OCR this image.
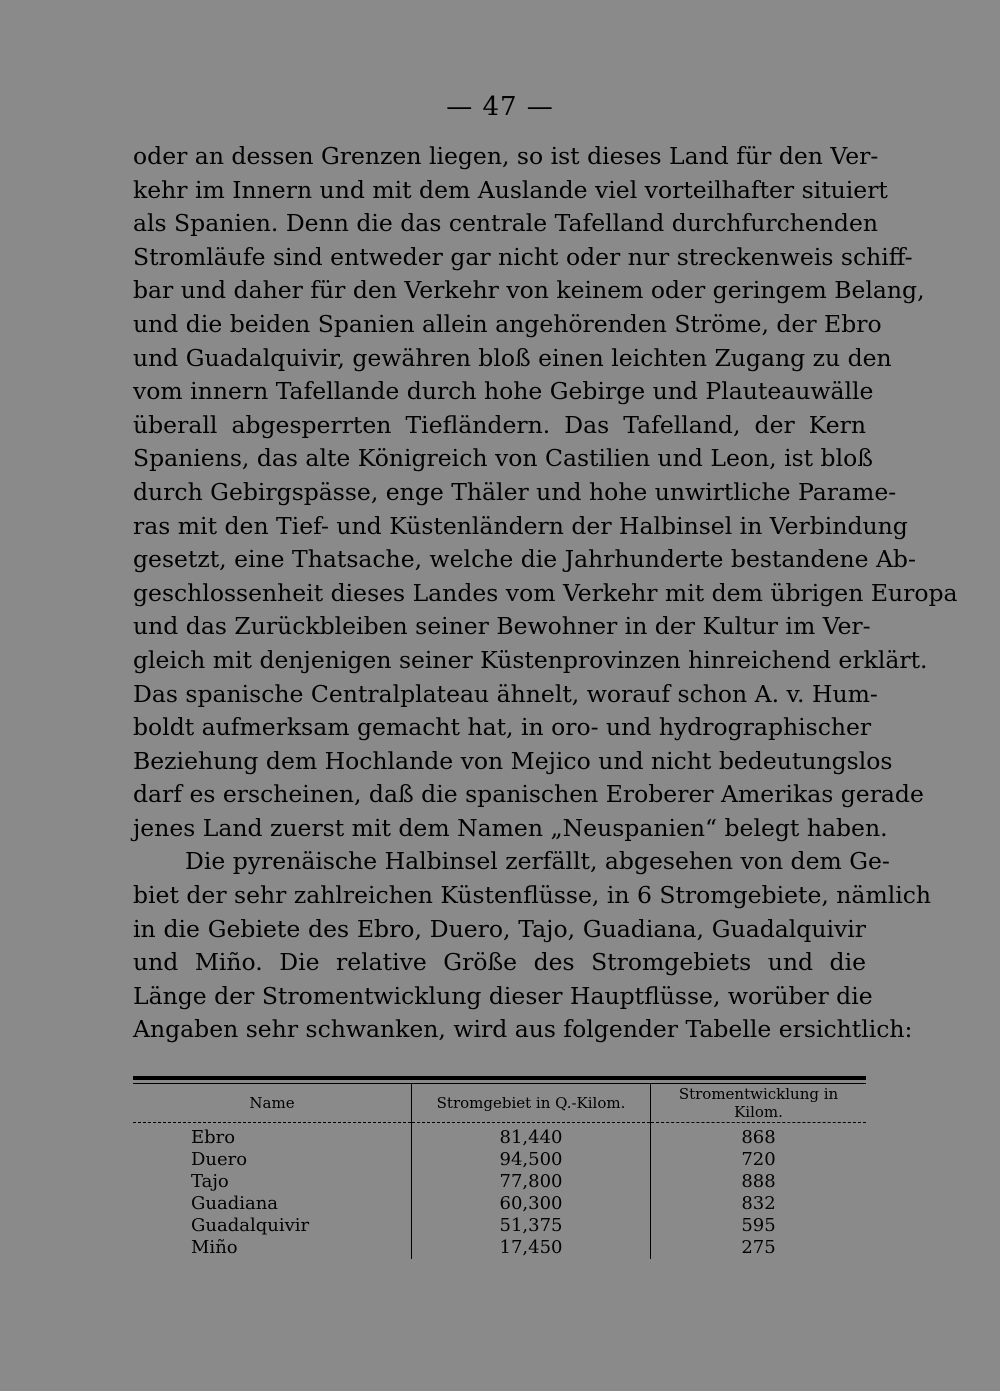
— 47 —
oder an dessen Grenzen liegen, so ist dieses Land für den Ver-
kehr im Innern und mit dem Auslande viel vorteilhafter situiert
als Spanien. Denn die das centrale Tafelland durchfurchenden
Stromläufe sind entweder gar nicht oder nur streckenweis schiff-
bar und daher für den Verkehr von keinem oder geringem Belang,
und die beiden Spanien allein angehörenden Ströme, der Ebro
und Guadalquivir, gewähren bloß einen leichten Zugang zu den
vom innern Tafellande durch hohe Gebirge und Plauteauwälle
überall abgesperrten Tiefländern. Das Tafelland, der Kern
Spaniens, das alte Königreich von Castilien und Leon, ist bloß
durch Gebirgspässe, enge Thäler und hohe unwirtliche Parame-
ras mit den Tief- und Küstenländern der Halbinsel in Verbindung
gesetzt, eine Thatsache, welche die Jahrhunderte bestandene Ab-
geschlossenheit dieses Landes vom Verkehr mit dem übrigen Europa
und das Zurückbleiben seiner Bewohner in der Kultur im Ver-
gleich mit denjenigen seiner Küstenprovinzen hinreichend erklärt.
Das spanische Centralplateau ähnelt, worauf schon A. v. Hum-
boldt aufmerksam gemacht hat, in oro- und hydrographischer
Beziehung dem Hochlande von Mejico und nicht bedeutungslos
darf es erscheinen, daß die spanischen Eroberer Amerikas gerade
jenes Land zuerst mit dem Namen „Neuspanien“ belegt haben.
Die pyrenäische Halbinsel zerfällt, abgesehen von dem Ge-
biet der sehr zahlreichen Küstenflüsse, in 6 Stromgebiete, nämlich
in die Gebiete des Ebro, Duero, Tajo, Guadiana, Guadalquivir
und Miño. Die relative Größe des Stromgebiets und die
Länge der Stromentwicklung dieser Hauptflüsse, worüber die
Angaben sehr schwanken, wird aus folgender Tabelle ersichtlich:
Name	Stromgebiet in Q.-Kilom.	Stromentwicklung in Kilom.
Ebro	81,440	868
Duero	94,500	720
Tajo	77,800	888
Guadiana	60,300	832
Guadalquivir	51,375	595
Miño	17,450	275
